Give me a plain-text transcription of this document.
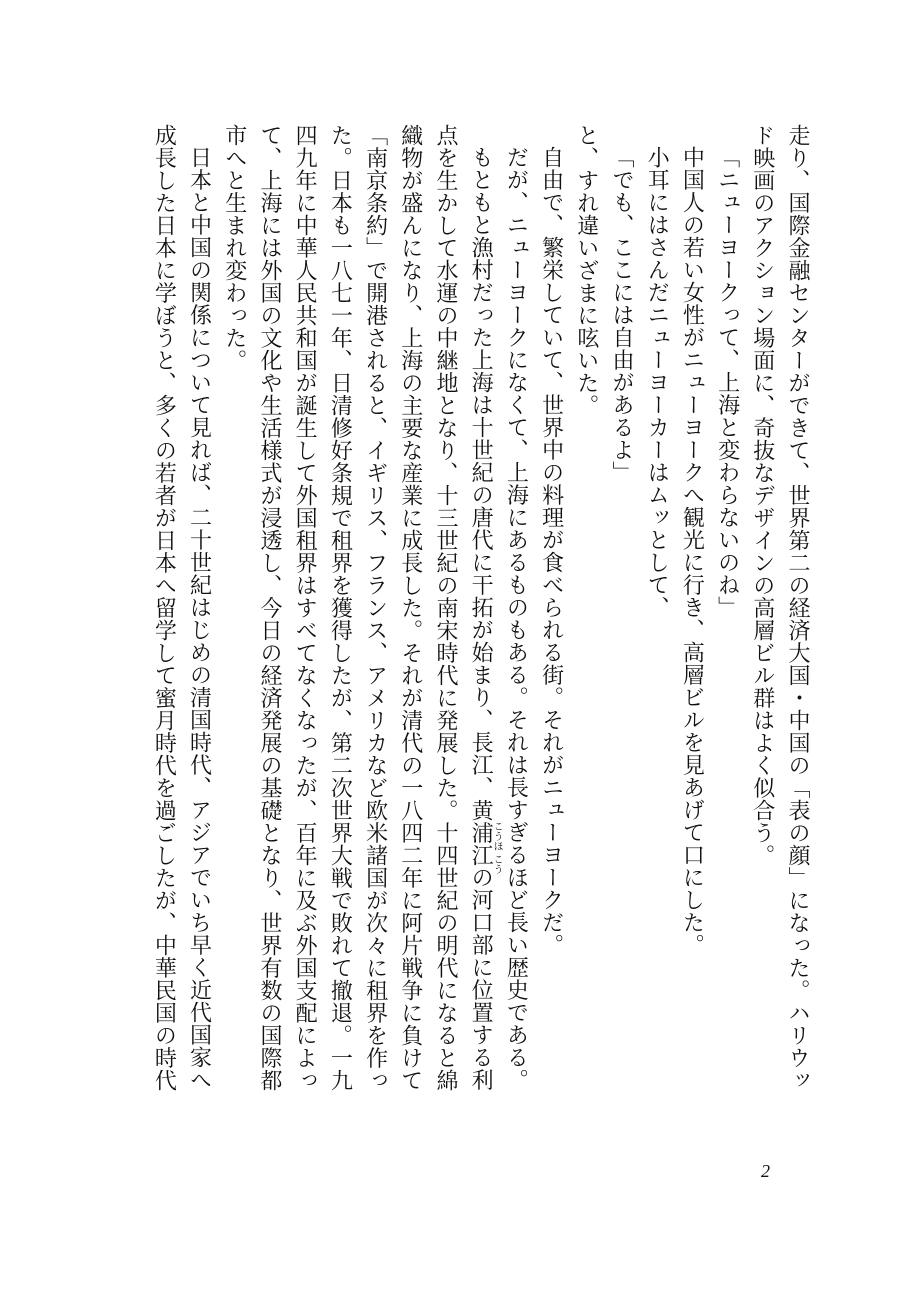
走り、国際金融センターができて、世界第二の経済大国・中国の「表の顔」になった。ハリウッ

ド映画のアクション場面に、奇抜なデザインの高層ビル群はよく似合う。

「ニューヨークって、上海と変わらないのね」

中国人の若い女性がニューヨークへ観光に行き、高層ビルを見あげて口にした。

小耳にはさんだニューヨーカーはムッとして、

「でも、ここには自由があるよ」

と、すれ違いざまに呟いた。

自由で、繁栄していて、世界中の料理が食べられる街。それがニューヨークだ。

だが、ニューヨークになくて、上海にあるものもある。それは長すぎるほど長い歴史である。

もともと漁村だった上海は十世紀の唐代に干拓が始まり、長江、黄浦江
こうほ こう
の河口部に位置する利

点を生かして水運の中継地となり、十三世紀の南宋時代に発展した。十四世紀の明代になると綿

織物が盛んになり、上海の主要な産業に成長した。それが清代の一八四二年に阿片戦争に負けて

「南京条約」で開港されると、イギリス、フランス、アメリカなど欧米諸国が次々に租界を作っ

た。日本も一八七一年、日清修好条規で租界を獲得したが、第二次世界大戦で敗れて撤退。一九

四九年に中華人民共和国が誕生して外国租界はすべてなくなったが、百年に及ぶ外国支配によっ

て、上海には外国の文化や生活様式が浸透し、今日の経済発展の基礎となり、世界有数の国際都

市へと生まれ変わった。

日本と中国の関係について見れば、二十世紀はじめの清国時代、アジアでいち早く近代国家へ

成長した日本に学ぼうと、多くの若者が日本へ留学して蜜月時代を過ごしたが、中華民国の時代

2
